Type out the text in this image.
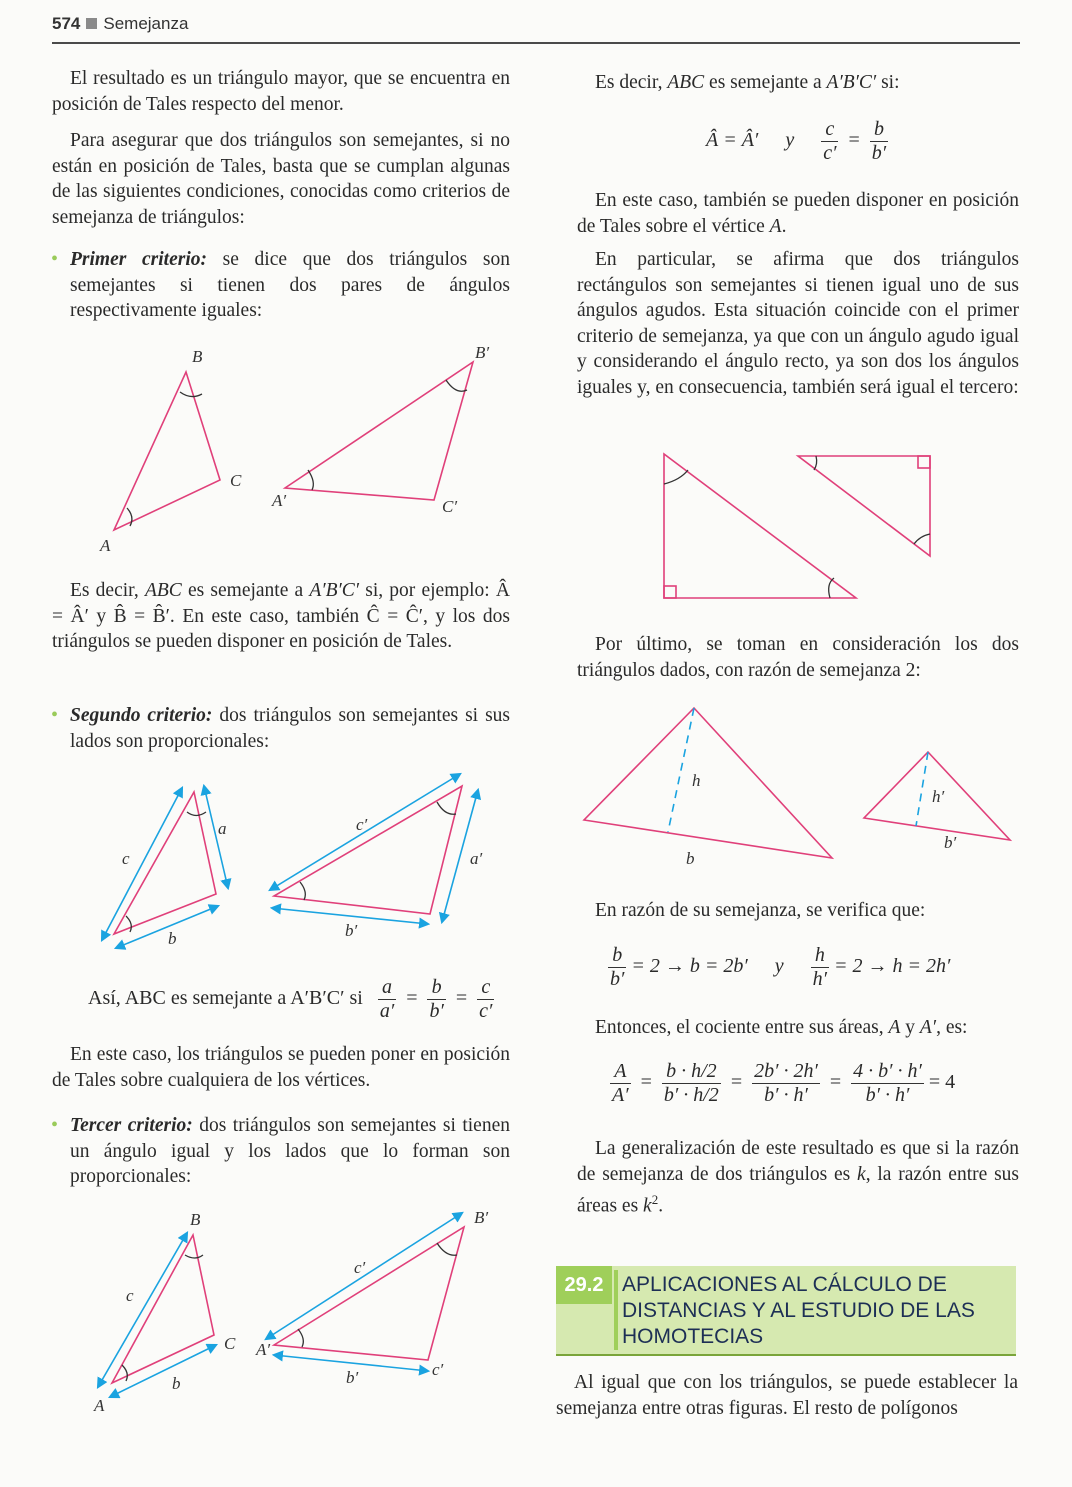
574 Semejanza
El resultado es un triángulo mayor, que se encuentra en posición de Tales respecto del menor.
Para asegurar que dos triángulos son semejantes, si no están en posición de Tales, basta que se cumplan algunas de las siguientes condiciones, conocidas como criterios de semejanza de triángulos:
• Primer criterio: se dice que dos triángulos son semejantes si tienen dos pares de ángulos respectivamente iguales:
B
C
A
B′
C′
A′
Es decir, ABC es semejante a A′B′C′ si, por ejemplo: Â = Â′ y B̂ = B̂′. En este caso, también Ĉ = Ĉ′, y los dos triángulos se pueden disponer en posición de Tales.
• Segundo criterio: dos triángulos son semejantes si sus lados son proporcionales:
a
c
b
c′
a′
b′
Así, ABC es semejante a A′B′C′ si $\frac{a}{a'} = \frac{b}{b'} = \frac{c}{c'}$
En este caso, los triángulos se pueden poner en posición de Tales sobre cualquiera de los vértices.
• Tercer criterio: dos triángulos son semejantes si tienen un ángulo igual y los lados que lo forman son proporcionales:
B
C
A
c
b
B′
A′
c′
b′	c′
Es decir, ABC es semejante a A′B′C′ si:
Â = Â′ y $\frac{c}{c'} = \frac{b}{b'}$
En este caso, también se pueden disponer en posición de Tales sobre el vértice A.
En particular, se afirma que dos triángulos rectángulos son semejantes si tienen igual uno de sus ángulos agudos. Esta situación coincide con el primer criterio de semejanza, ya que con un ángulo agudo igual y considerando el ángulo recto, ya son dos los ángulos iguales y, en consecuencia, también será igual el tercero:
Por último, se toman en consideración los dos triángulos dados, con razón de semejanza 2:
h
b
h′
b′
En razón de su semejanza, se verifica que:
$\frac{b}{b'} = 2 \to b = 2b'$ y $\frac{h}{h'} = 2 \to h = 2h'$
Entonces, el cociente entre sus áreas, A y A′, es:
$\frac{A}{A'} = \frac{b \cdot h/2}{b' \cdot h/2} = \frac{2b' \cdot 2h'}{b' \cdot h'} = \frac{4 \cdot b' \cdot h'}{b' \cdot h'} = 4$
La generalización de este resultado es que si la razón de semejanza de dos triángulos es k, la razón entre sus áreas es $k^2$.
29.2 APLICACIONES AL CÁLCULO DE DISTANCIAS Y AL ESTUDIO DE LAS HOMOTECIAS
Al igual que con los triángulos, se puede establecer la semejanza entre otras figuras. El resto de polígonos
